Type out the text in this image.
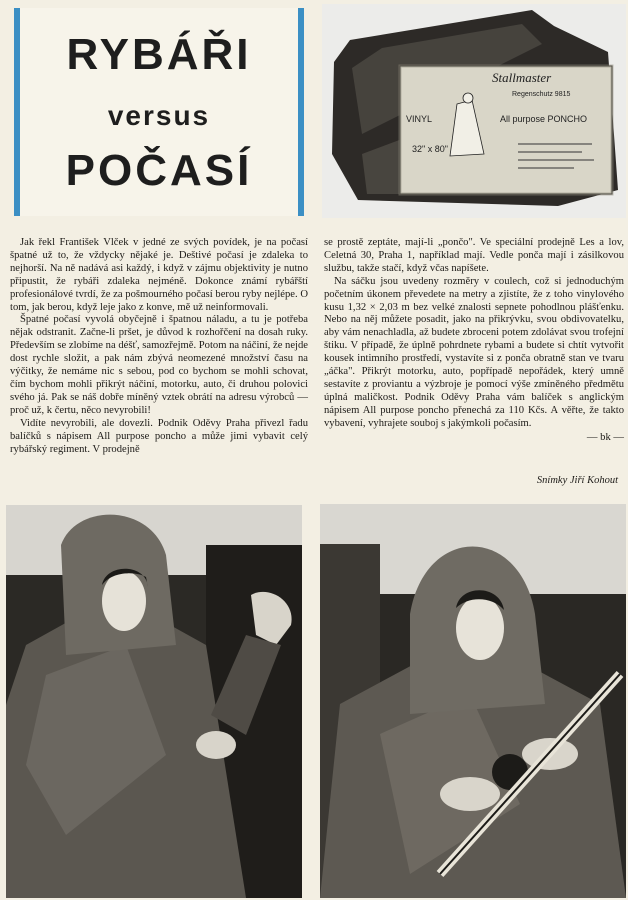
RYBÁŘI
versus
POČASÍ
Stallmaster
Regenschutz 9815
VINYL	All purpose PONCHO
32" x 80"

Jak řekl František Vlček v jedné ze svých povídek, je na počasí špatné už to, že vždycky nějaké je. Deštivé počasí je zdaleka to nejhorší. Na ně nadává asi každý, i když v zájmu objektivity je nutno připustit, že rybáři zdaleka nejméně. Dokonce známí rybářští profesionálové tvrdí, že za pošmourného počasí berou ryby nejlépe. O tom, jak berou, když leje jako z konve, mě už neinformovali.

Špatné počasí vyvolá obyčejně i špatnou náladu, a tu je potřeba nějak odstranit. Začne-li pršet, je důvod k rozhořčení na dosah ruky. Především se zlobíme na déšť, samozřejmě. Potom na náčiní, že nejde dost rychle složit, a pak nám zbývá neomezené množství času na výčitky, že nemáme nic s sebou, pod co bychom se mohli schovat, čím bychom mohli přikrýt náčiní, motorku, auto, či druhou polovici svého já. Pak se náš dobře míněný vztek obrátí na adresu výrobců — proč už, k čertu, něco nevyrobili!

Vidíte nevyrobili, ale dovezli. Podnik Oděvy Praha přivezl řadu balíčků s nápisem All purpose poncho a může jimi vybavit celý rybářský regiment. V prodejně

se prostě zeptáte, mají-li „pončo". Ve speciální prodejně Les a lov, Celetná 30, Praha 1, například mají. Vedle ponča mají i zásilkovou službu, takže stačí, když včas napíšete.

Na sáčku jsou uvedeny rozměry v coulech, což si jednoduchým početním úkonem převedete na metry a zjistíte, že z toho vinylového kusu 1,32 × 2,03 m bez velké znalosti sepnete pohodlnou plášťenku. Nebo na něj můžete posadit, jako na přikrývku, svou obdivovatelku, aby vám nenachladla, až budete zbroceni potem zdolávat svou trofejní štiku. V případě, že úplně pohrdnete rybami a budete si chtít vytvořit kousek intimního prostředí, vystavíte si z ponča obratně stan ve tvaru „áčka". Přikrýt motorku, auto, popřípadě nepořádek, který umně sestavíte z proviantu a výzbroje je pomocí výše zmíněného předmětu úplná maličkost. Podnik Oděvy Praha vám balíček s anglickým nápisem All purpose poncho přenechá za 110 Kčs. A věřte, že takto vybavení, vyhrajete souboj s jakýmkoli počasím.

— bk —
Snímky Jiří Kohout
